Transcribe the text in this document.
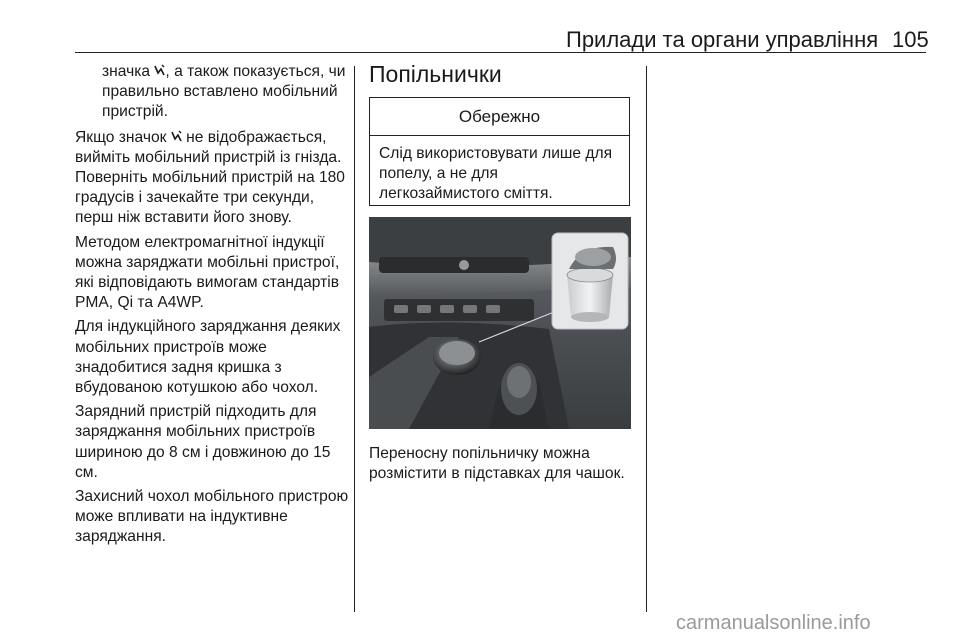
Прилади та органи управління 105

значка , а також показується, чи правильно вставлено мобільний пристрій.

Якщо значок не відображається, вийміть мобільний пристрій із гнізда. Поверніть мобільний пристрій на 180 градусів і зачекайте три секунди, перш ніж вставити його знову.

Методом електромагнітної індукції можна заряджати мобільні пристрої, які відповідають вимогам стандартів PMA, Qi та A4WP.

Для індукційного заряджання деяких мобільних пристроїв може знадобитися задня кришка з вбудованою котушкою або чохол.

Зарядний пристрій підходить для заряджання мобільних пристроїв шириною до 8 см і довжиною до 15 см.

Захисний чохол мобільного пристрою може впливати на індуктивне заряджання.

Попільнички
Обережно
Слід використовувати лише для попелу, а не для легкозаймистого сміття.
Переносну попільничку можна розмістити в підставках для чашок.
carmanualsonline.info
